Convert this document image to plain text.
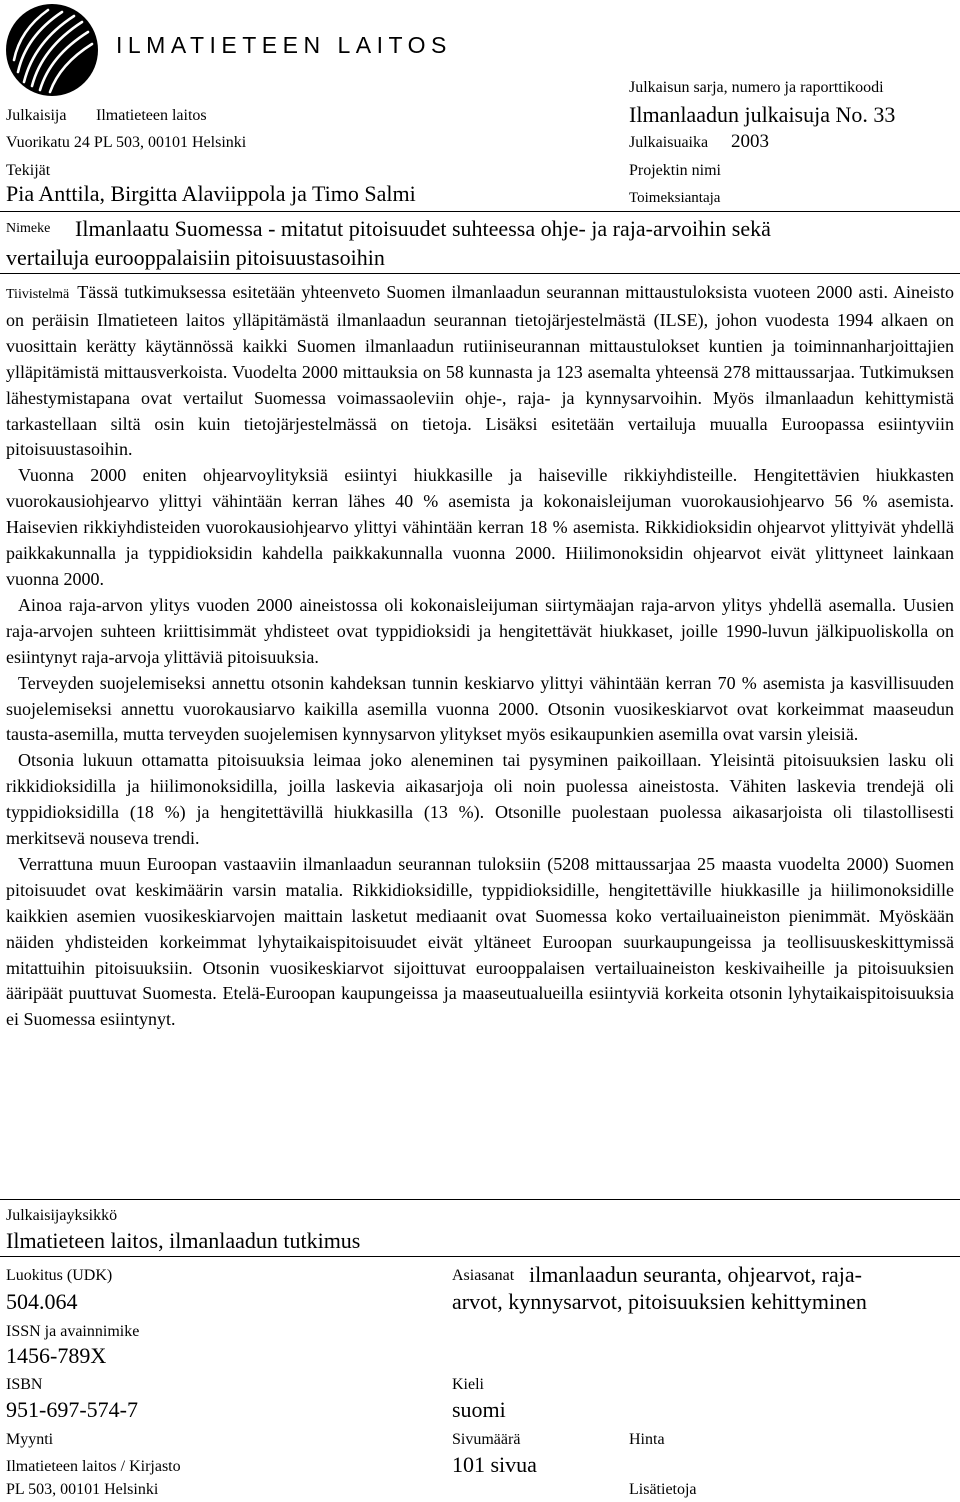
ILMATIETEEN LAITOS
Julkaisun sarja, numero ja raporttikoodi
Julkaisija Ilmatieteen laitos	Ilmanlaadun julkaisuja No. 33
Vuorikatu 24 PL 503, 00101 Helsinki	Julkaisuaika 2003
Tekijät	Projektin nimi
Pia Anttila, Birgitta Alaviippola ja Timo Salmi	Toimeksiantaja
Nimeke Ilmanlaatu Suomessa - mitatut pitoisuudet suhteessa ohje- ja raja-arvoihin sekä
vertailuja eurooppalaisiin pitoisuustasoihin

Tiivistelmä Tässä tutkimuksessa esitetään yhteenveto Suomen ilmanlaadun seurannan mittaustuloksista vuoteen 2000 asti. Aineisto on peräisin Ilmatieteen laitos ylläpitämästä ilmanlaadun seurannan tietojärjestelmästä (ILSE), johon vuodesta 1994 alkaen on vuosittain kerätty käytännössä kaikki Suomen ilmanlaadun rutiiniseurannan mittaustulokset kuntien ja toiminnanharjoittajien ylläpitämistä mittausverkoista. Vuodelta 2000 mittauksia on 58 kunnasta ja 123 asemalta yhteensä 278 mittaussarjaa. Tutkimuksen lähestymistapana ovat vertailut Suomessa voimassaoleviin ohje-, raja- ja kynnysarvoihin. Myös ilmanlaadun kehittymistä tarkastellaan siltä osin kuin tietojärjestelmässä on tietoja. Lisäksi esitetään vertailuja muualla Euroopassa esiintyviin pitoisuustasoihin.

Vuonna 2000 eniten ohjearvoylityksiä esiintyi hiukkasille ja haiseville rikkiyhdisteille. Hengitettävien hiukkasten vuorokausiohjearvo ylittyi vähintään kerran lähes 40 % asemista ja kokonaisleijuman vuorokausiohjearvo 56 % asemista. Haisevien rikkiyhdisteiden vuorokausiohjearvo ylittyi vähintään kerran 18 % asemista. Rikkidioksidin ohjearvot ylittyivät yhdellä paikkakunnalla ja typpidioksidin kahdella paikkakunnalla vuonna 2000. Hiilimonoksidin ohjearvot eivät ylittyneet lainkaan vuonna 2000.

Ainoa raja-arvon ylitys vuoden 2000 aineistossa oli kokonaisleijuman siirtymäajan raja-arvon ylitys yhdellä asemalla. Uusien raja-arvojen suhteen kriittisimmät yhdisteet ovat typpidioksidi ja hengitettävät hiukkaset, joille 1990-luvun jälkipuoliskolla on esiintynyt raja-arvoja ylittäviä pitoisuuksia.

Terveyden suojelemiseksi annettu otsonin kahdeksan tunnin keskiarvo ylittyi vähintään kerran 70 % asemista ja kasvillisuuden suojelemiseksi annettu vuorokausiarvo kaikilla asemilla vuonna 2000. Otsonin vuosikeskiarvot ovat korkeimmat maaseudun tausta-asemilla, mutta terveyden suojelemisen kynnysarvon ylitykset myös esikaupunkien asemilla ovat varsin yleisiä.

Otsonia lukuun ottamatta pitoisuuksia leimaa joko aleneminen tai pysyminen paikoillaan. Yleisintä pitoisuuksien lasku oli rikkidioksidilla ja hiilimonoksidilla, joilla laskevia aikasarjoja oli noin puolessa aineistosta. Vähiten laskevia trendejä oli typpidioksidilla (18 %) ja hengitettävillä hiukkasilla (13 %). Otsonille puolestaan puolessa aikasarjoista oli tilastollisesti merkitsevä nouseva trendi.

Verrattuna muun Euroopan vastaaviin ilmanlaadun seurannan tuloksiin (5208 mittaussarjaa 25 maasta vuodelta 2000) Suomen pitoisuudet ovat keskimäärin varsin matalia. Rikkidioksidille, typpidioksidille, hengitettäville hiukkasille ja hiilimonoksidille kaikkien asemien vuosikeskiarvojen maittain lasketut mediaanit ovat Suomessa koko vertailuaineiston pienimmät. Myöskään näiden yhdisteiden korkeimmat lyhytaikaispitoisuudet eivät yltäneet Euroopan suurkaupungeissa ja teollisuuskeskittymissä mitattuihin pitoisuuksiin. Otsonin vuosikeskiarvot sijoittuvat eurooppalaisen vertailuaineiston keskivaiheille ja pitoisuuksien ääripäät puuttuvat Suomesta. Etelä-Euroopan kaupungeissa ja maaseutualueilla esiintyviä korkeita otsonin lyhytaikaispitoisuuksia ei Suomessa esiintynyt.

Julkaisijayksikkö
Ilmatieteen laitos, ilmanlaadun tutkimus
Luokitus (UDK)	Asiasanat ilmanlaadun seuranta, ohjearvot, raja-
504.064	arvot, kynnysarvot, pitoisuuksien kehittyminen
ISSN ja avainnimike
1456-789X
ISBN	Kieli
951-697-574-7	suomi
Myynti	Sivumäärä	Hinta
Ilmatieteen laitos / Kirjasto	101 sivua
PL 503, 00101 Helsinki	Lisätietoja
